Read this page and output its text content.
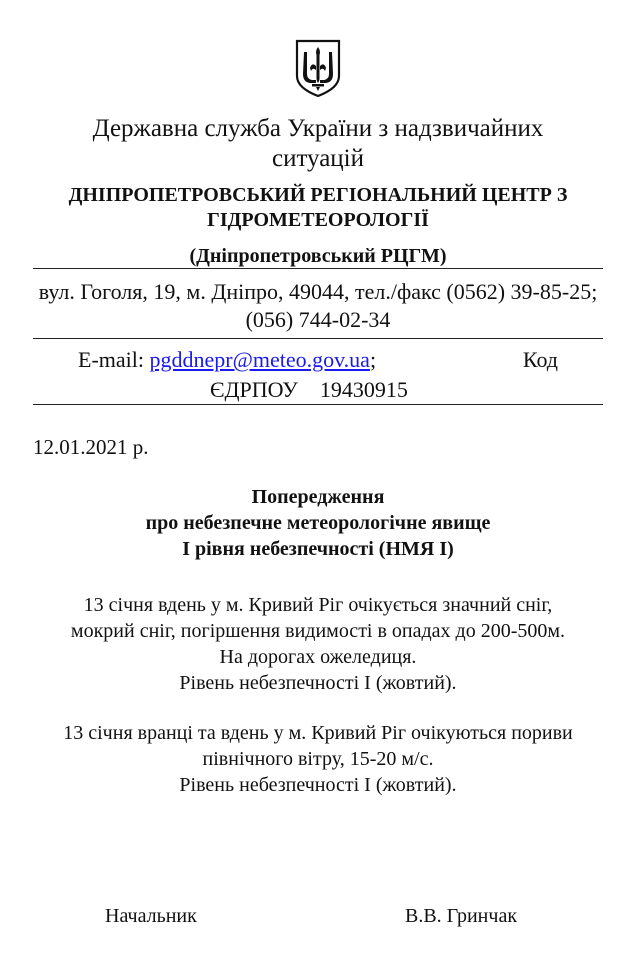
Державна служба України з надзвичайних ситуацій
ДНІПРОПЕТРОВСЬКИЙ РЕГІОНАЛЬНИЙ ЦЕНТР З ГІДРОМЕТЕОРОЛОГІЇ
(Дніпропетровський РЦГМ)
вул. Гоголя, 19, м. Дніпро, 49044, тел./факс (0562) 39-85-25; (056) 744-02-34
E-mail: pgddnepr@meteo.gov.ua;	Код
ЄДРПОУ 19430915
12.01.2021 р.
Попередження
про небезпечне метеорологічне явище
І рівня небезпечності (НМЯ І)
13 січня вдень у м. Кривий Ріг очікується значний сніг,
мокрий сніг, погіршення видимості в опадах до 200-500м.
На дорогах ожеледиця.
Рівень небезпечності І (жовтий).
13 січня вранці та вдень у м. Кривий Ріг очікуються пориви
північного вітру, 15-20 м/с.
Рівень небезпечності І (жовтий).
Начальник	В.В. Гринчак
